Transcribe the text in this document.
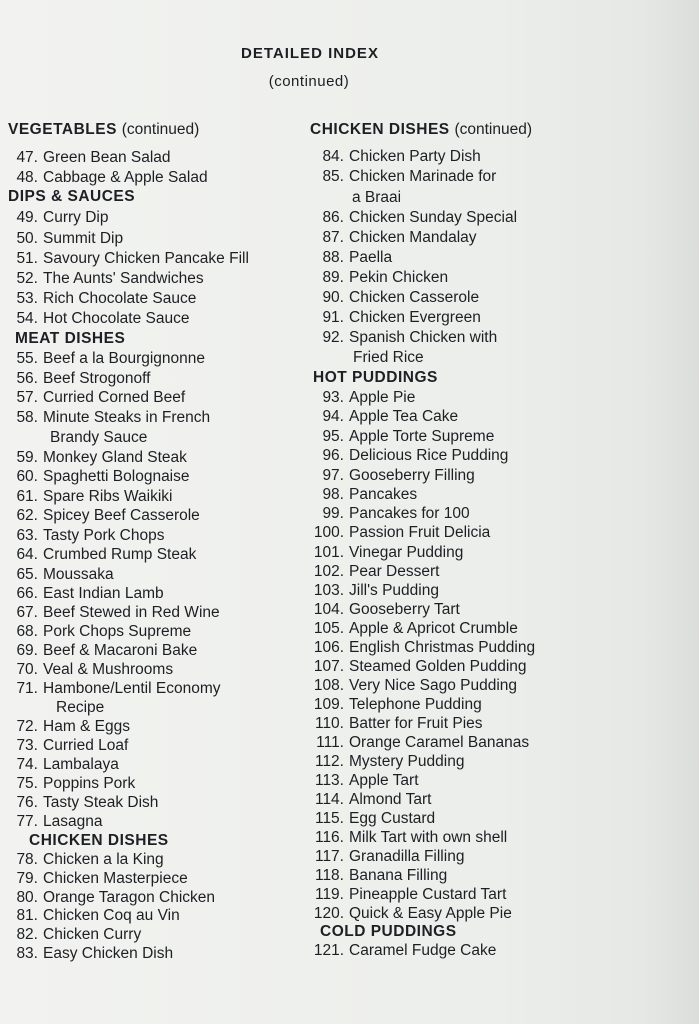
DETAILED INDEX
(continued)
VEGETABLES (continued)
47. Green Bean Salad
48. Cabbage & Apple Salad
DIPS & SAUCES
49. Curry Dip
50. Summit Dip
51. Savoury Chicken Pancake Fill
52. The Aunts' Sandwiches
53. Rich Chocolate Sauce
54. Hot Chocolate Sauce
MEAT DISHES
55. Beef a la Bourgignonne
56. Beef Strogonoff
57. Curried Corned Beef
58. Minute Steaks in French
Brandy Sauce
59. Monkey Gland Steak
60. Spaghetti Bolognaise
61. Spare Ribs Waikiki
62. Spicey Beef Casserole
63. Tasty Pork Chops
64. Crumbed Rump Steak
65. Moussaka
66. East Indian Lamb
67. Beef Stewed in Red Wine
68. Pork Chops Supreme
69. Beef & Macaroni Bake
70. Veal & Mushrooms
71. Hambone/Lentil Economy
Recipe
72. Ham & Eggs
73. Curried Loaf
74. Lambalaya
75. Poppins Pork
76. Tasty Steak Dish
77. Lasagna
CHICKEN DISHES
78. Chicken a la King
79. Chicken Masterpiece
80. Orange Taragon Chicken
81. Chicken Coq au Vin
82. Chicken Curry
83. Easy Chicken Dish
CHICKEN DISHES (continued)
84. Chicken Party Dish
85. Chicken Marinade for
a Braai
86. Chicken Sunday Special
87. Chicken Mandalay
88. Paella
89. Pekin Chicken
90. Chicken Casserole
91. Chicken Evergreen
92. Spanish Chicken with
Fried Rice
HOT PUDDINGS
93. Apple Pie
94. Apple Tea Cake
95. Apple Torte Supreme
96. Delicious Rice Pudding
97. Gooseberry Filling
98. Pancakes
99. Pancakes for 100
100. Passion Fruit Delicia
101. Vinegar Pudding
102. Pear Dessert
103. Jill's Pudding
104. Gooseberry Tart
105. Apple & Apricot Crumble
106. English Christmas Pudding
107. Steamed Golden Pudding
108. Very Nice Sago Pudding
109. Telephone Pudding
110. Batter for Fruit Pies
111. Orange Caramel Bananas
112. Mystery Pudding
113. Apple Tart
114. Almond Tart
115. Egg Custard
116. Milk Tart with own shell
117. Granadilla Filling
118. Banana Filling
119. Pineapple Custard Tart
120. Quick & Easy Apple Pie
COLD PUDDINGS
121. Caramel Fudge Cake
